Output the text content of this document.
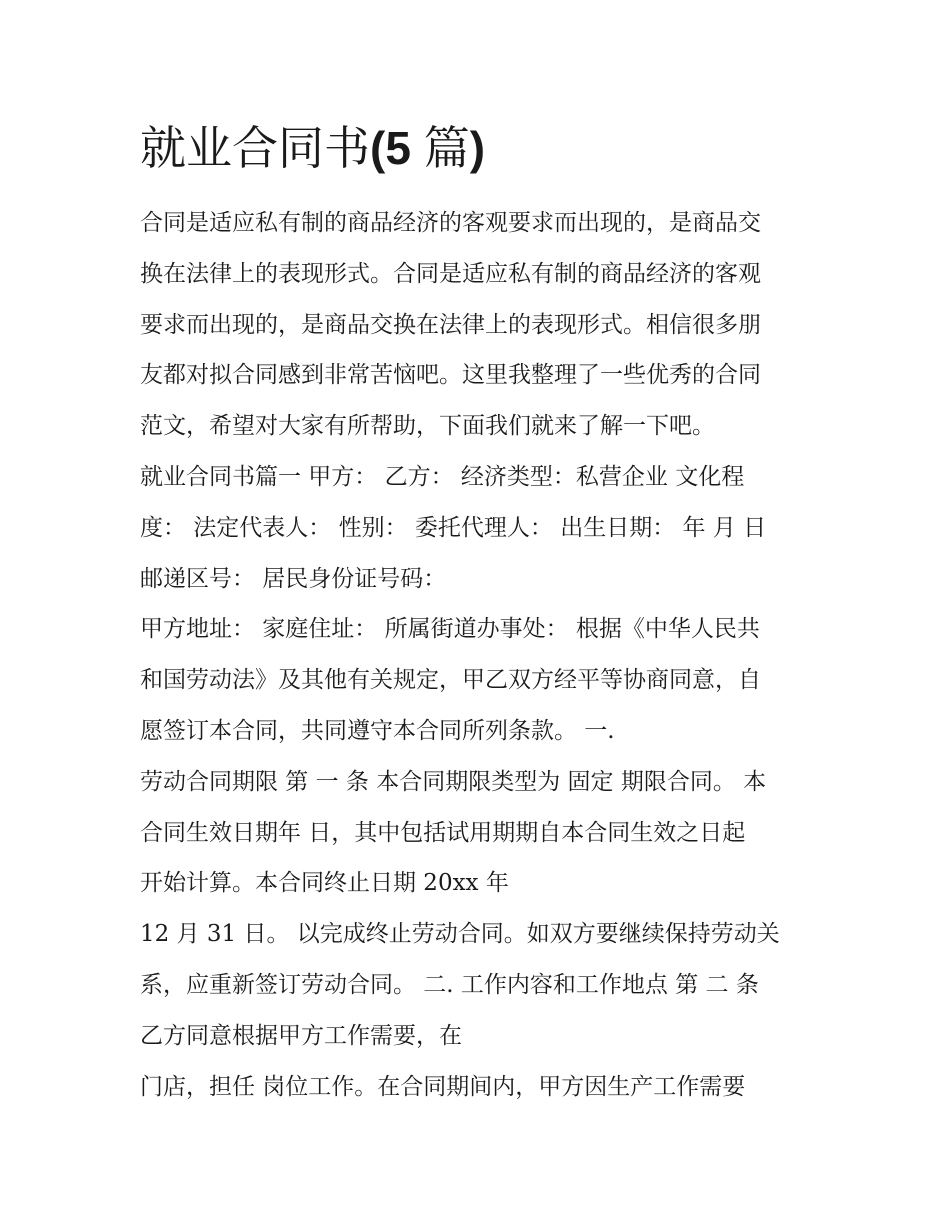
就业合同书(5 篇)
合同是适应私有制的商品经济的客观要求而出现的，是商品交
换在法律上的表现形式。合同是适应私有制的商品经济的客观
要求而出现的，是商品交换在法律上的表现形式。相信很多朋
友都对拟合同感到非常苦恼吧。这里我整理了一些优秀的合同
范文，希望对大家有所帮助，下面我们就来了解一下吧。
就业合同书篇一 甲方： 乙方： 经济类型：私营企业 文化程
度： 法定代表人： 性别： 委托代理人： 出生日期： 年 月 日
邮递区号： 居民身份证号码：
甲方地址： 家庭住址： 所属街道办事处： 根据《中华人民共
和国劳动法》及其他有关规定，甲乙双方经平等协商同意，自
愿签订本合同，共同遵守本合同所列条款。 一.
劳动合同期限 第 一 条 本合同期限类型为 固定 期限合同。 本
合同生效日期年 日，其中包括试用期期自本合同生效之日起
开始计算。本合同终止日期 20xx 年
12 月 31 日。 以完成终止劳动合同。如双方要继续保持劳动关
系，应重新签订劳动合同。 二. 工作内容和工作地点 第 二 条
乙方同意根据甲方工作需要，在
门店，担任 岗位工作。在合同期间内，甲方因生产工作需要
